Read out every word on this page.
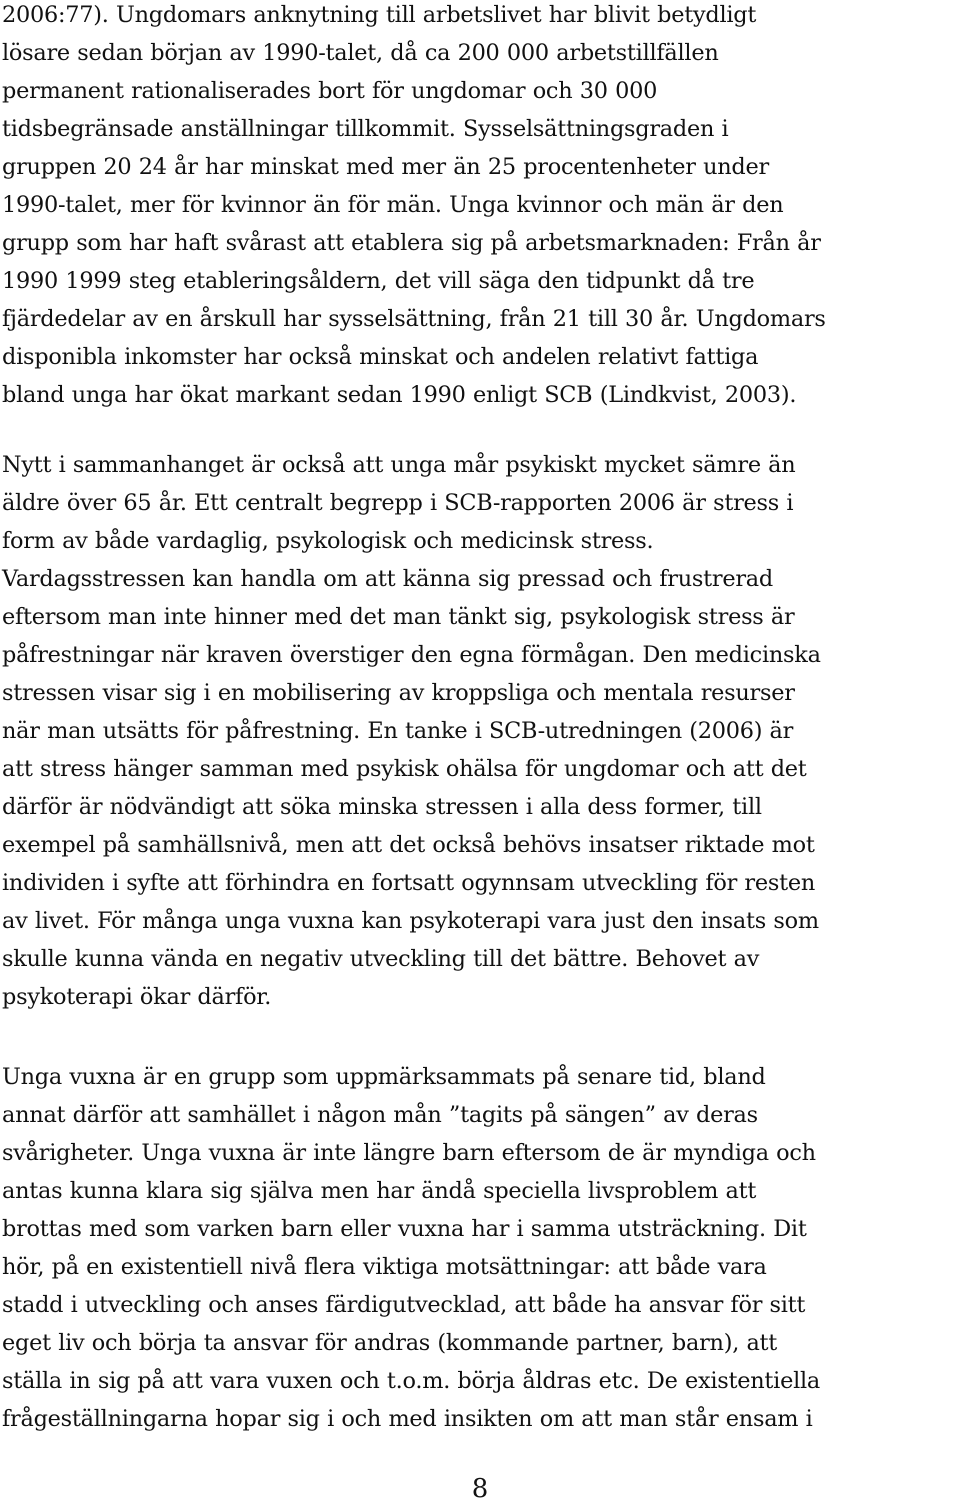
2006:77). Ungdomars anknytning till arbetslivet har blivit betydligt
lösare sedan början av 1990-talet, då ca 200 000 arbetstillfällen
permanent rationaliserades bort för ungdomar och 30 000
tidsbegränsade anställningar tillkommit. Sysselsättningsgraden i
gruppen 20 24 år har minskat med mer än 25 procentenheter under
1990-talet, mer för kvinnor än för män. Unga kvinnor och män är den
grupp som har haft svårast att etablera sig på arbetsmarknaden: Från år
1990 1999 steg etableringsåldern, det vill säga den tidpunkt då tre
fjärdedelar av en årskull har sysselsättning, från 21 till 30 år. Ungdomars
disponibla inkomster har också minskat och andelen relativt fattiga
bland unga har ökat markant sedan 1990 enligt SCB (Lindkvist, 2003).
Nytt i sammanhanget är också att unga mår psykiskt mycket sämre än
äldre över 65 år. Ett centralt begrepp i SCB-rapporten 2006 är stress i
form av både vardaglig, psykologisk och medicinsk stress.
Vardagsstressen kan handla om att känna sig pressad och frustrerad
eftersom man inte hinner med det man tänkt sig, psykologisk stress är
påfrestningar när kraven överstiger den egna förmågan. Den medicinska
stressen visar sig i en mobilisering av kroppsliga och mentala resurser
när man utsätts för påfrestning. En tanke i SCB-utredningen (2006) är
att stress hänger samman med psykisk ohälsa för ungdomar och att det
därför är nödvändigt att söka minska stressen i alla dess former, till
exempel på samhällsnivå, men att det också behövs insatser riktade mot
individen i syfte att förhindra en fortsatt ogynnsam utveckling för resten
av livet. För många unga vuxna kan psykoterapi vara just den insats som
skulle kunna vända en negativ utveckling till det bättre. Behovet av
psykoterapi ökar därför.
Unga vuxna är en grupp som uppmärksammats på senare tid, bland
annat därför att samhället i någon mån ”tagits på sängen” av deras
svårigheter. Unga vuxna är inte längre barn eftersom de är myndiga och
antas kunna klara sig själva men har ändå speciella livsproblem att
brottas med som varken barn eller vuxna har i samma utsträckning. Dit
hör, på en existentiell nivå flera viktiga motsättningar: att både vara
stadd i utveckling och anses färdigutvecklad, att både ha ansvar för sitt
eget liv och börja ta ansvar för andras (kommande partner, barn), att
ställa in sig på att vara vuxen och t.o.m. börja åldras etc. De existentiella
frågeställningarna hopar sig i och med insikten om att man står ensam i
8
